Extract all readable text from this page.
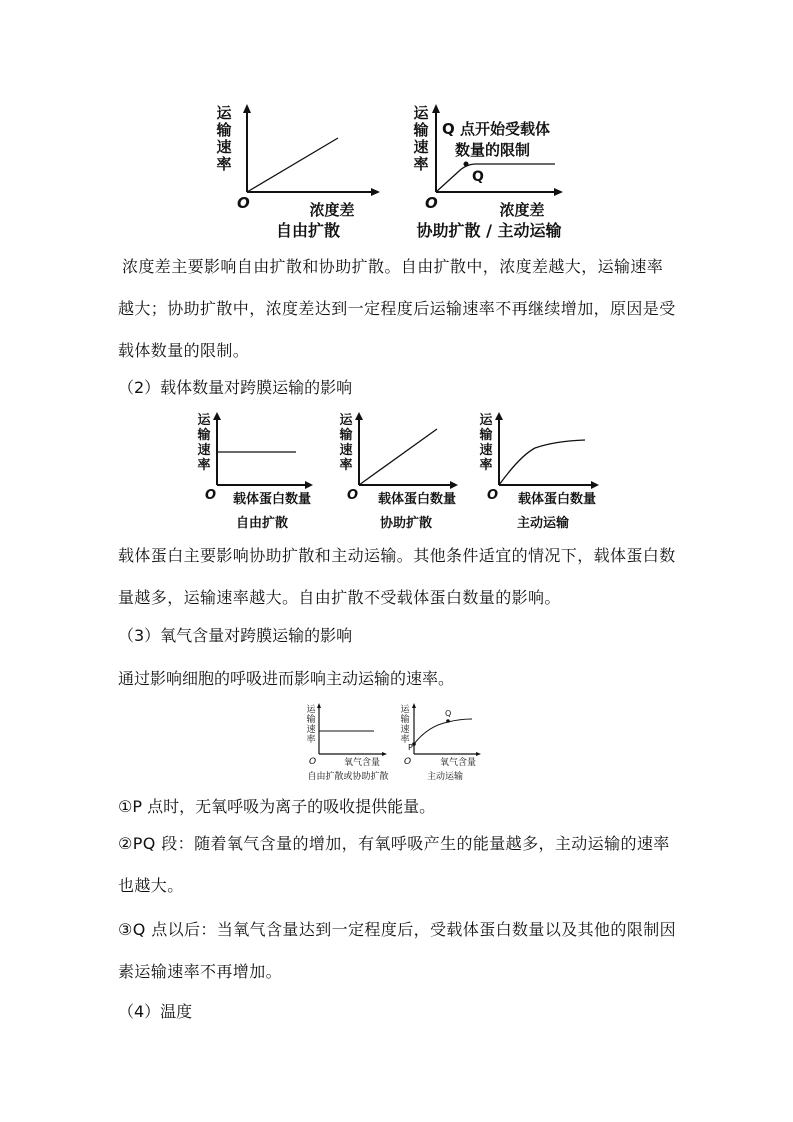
运
输
速
率
O	浓度差
自由扩散
运
输
速
率
Q 点开始受载体
数量的限制
Q
O	浓度差
协助扩散 / 主动运输
浓度差主要影响自由扩散和协助扩散。自由扩散中，浓度差越大，运输速率越大；协助扩散中，浓度差达到一定程度后运输速率不再继续增加，原因是受载体数量的限制。
（2）载体数量对跨膜运输的影响
运
输
速
率
O 载体蛋白数量
自由扩散
运
输
速
率
O 载体蛋白数量
协助扩散
运
输
速
率
O 载体蛋白数量
主动运输
载体蛋白主要影响协助扩散和主动运输。其他条件适宜的情况下，载体蛋白数量越多，运输速率越大。自由扩散不受载体蛋白数量的影响。
（3）氧气含量对跨膜运输的影响
通过影响细胞的呼吸进而影响主动运输的速率。
运
输
速
率
O	氧气含量
自由扩散或协助扩散
运
输
速
率
P
Q
O	氧气含量
主动运输
①P 点时，无氧呼吸为离子的吸收提供能量。
②PQ 段：随着氧气含量的增加，有氧呼吸产生的能量越多，主动运输的速率也越大。
③Q 点以后：当氧气含量达到一定程度后，受载体蛋白数量以及其他的限制因素运输速率不再增加。
（4）温度
